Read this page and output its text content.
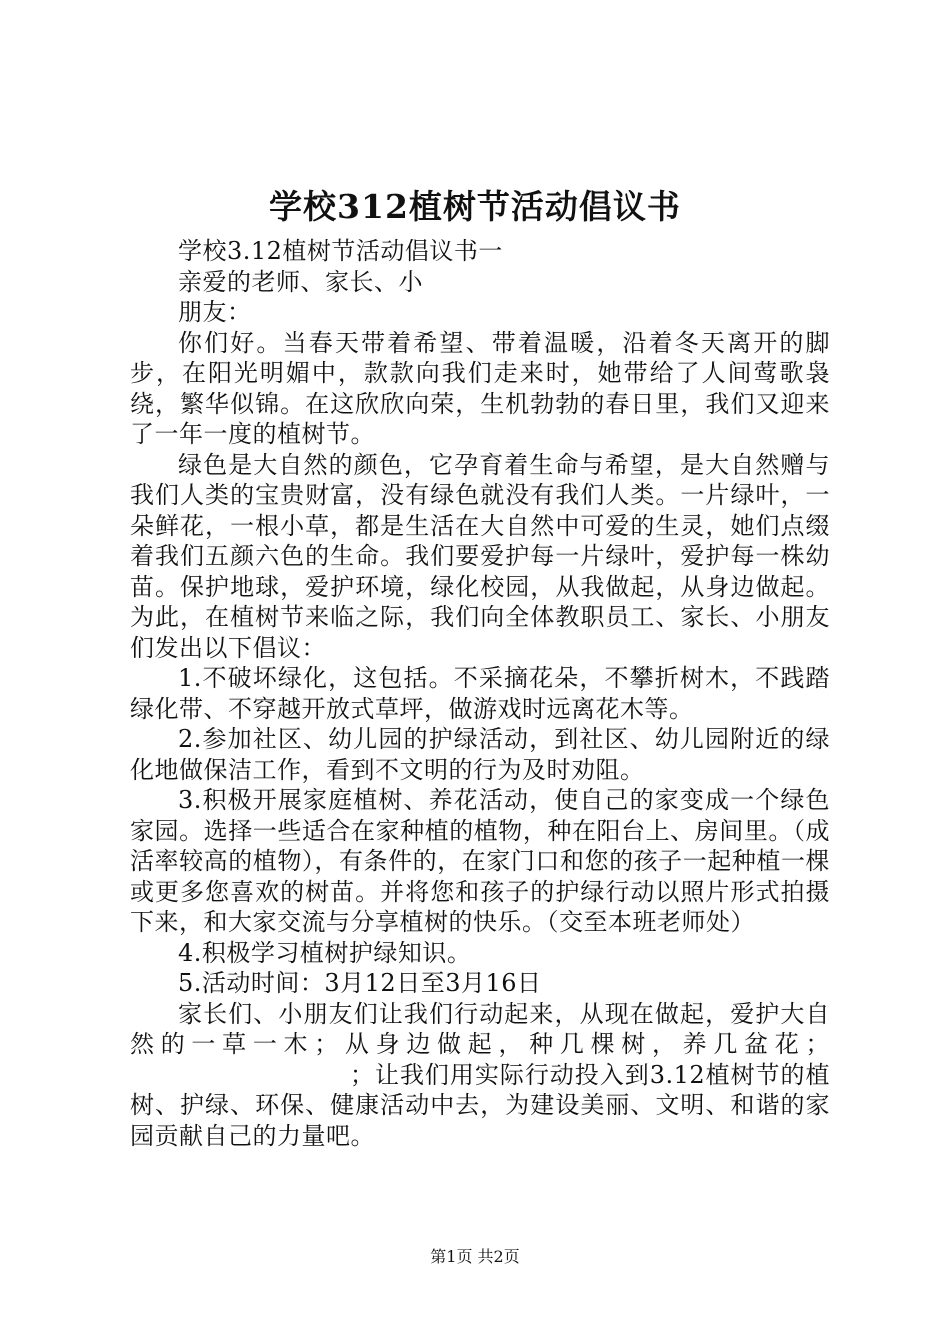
学校312植树节活动倡议书

学校3.12植树节活动倡议书一

亲爱的老师、家长、小

朋友：

你们好。当春天带着希望、带着温暖，沿着冬天离开的脚步，在阳光明媚中，款款向我们走来时，她带给了人间莺歌袅绕，繁华似锦。在这欣欣向荣，生机勃勃的春日里，我们又迎来了一年一度的植树节。

绿色是大自然的颜色，它孕育着生命与希望，是大自然赠与我们人类的宝贵财富，没有绿色就没有我们人类。一片绿叶，一朵鲜花，一根小草，都是生活在大自然中可爱的生灵，她们点缀着我们五颜六色的生命。我们要爱护每一片绿叶，爱护每一株幼苗。保护地球，爱护环境，绿化校园，从我做起，从身边做起。为此，在植树节来临之际，我们向全体教职员工、家长、小朋友们发出以下倡议：

1.不破坏绿化，这包括。不采摘花朵，不攀折树木，不践踏绿化带、不穿越开放式草坪，做游戏时远离花木等。

2.参加社区、幼儿园的护绿活动，到社区、幼儿园附近的绿化地做保洁工作，看到不文明的行为及时劝阻。

3.积极开展家庭植树、养花活动，使自己的家变成一个绿色家园。选择一些适合在家种植的植物，种在阳台上、房间里。（成活率较高的植物），有条件的，在家门口和您的孩子一起种植一棵或更多您喜欢的树苗。并将您和孩子的护绿行动以照片形式拍摄下来，和大家交流与分享植树的快乐。（交至本班老师处）

4.积极学习植树护绿知识。

5.活动时间：3月12日至3月16日

家长们、小朋友们让我们行动起来，从现在做起，爱护大自然的一草一木；从身边做起，种几棵树，养几盆花；；让我们用实际行动投入到3.12植树节的植树、护绿、环保、健康活动中去，为建设美丽、文明、和谐的家园贡献自己的力量吧。

第1页 共2页
